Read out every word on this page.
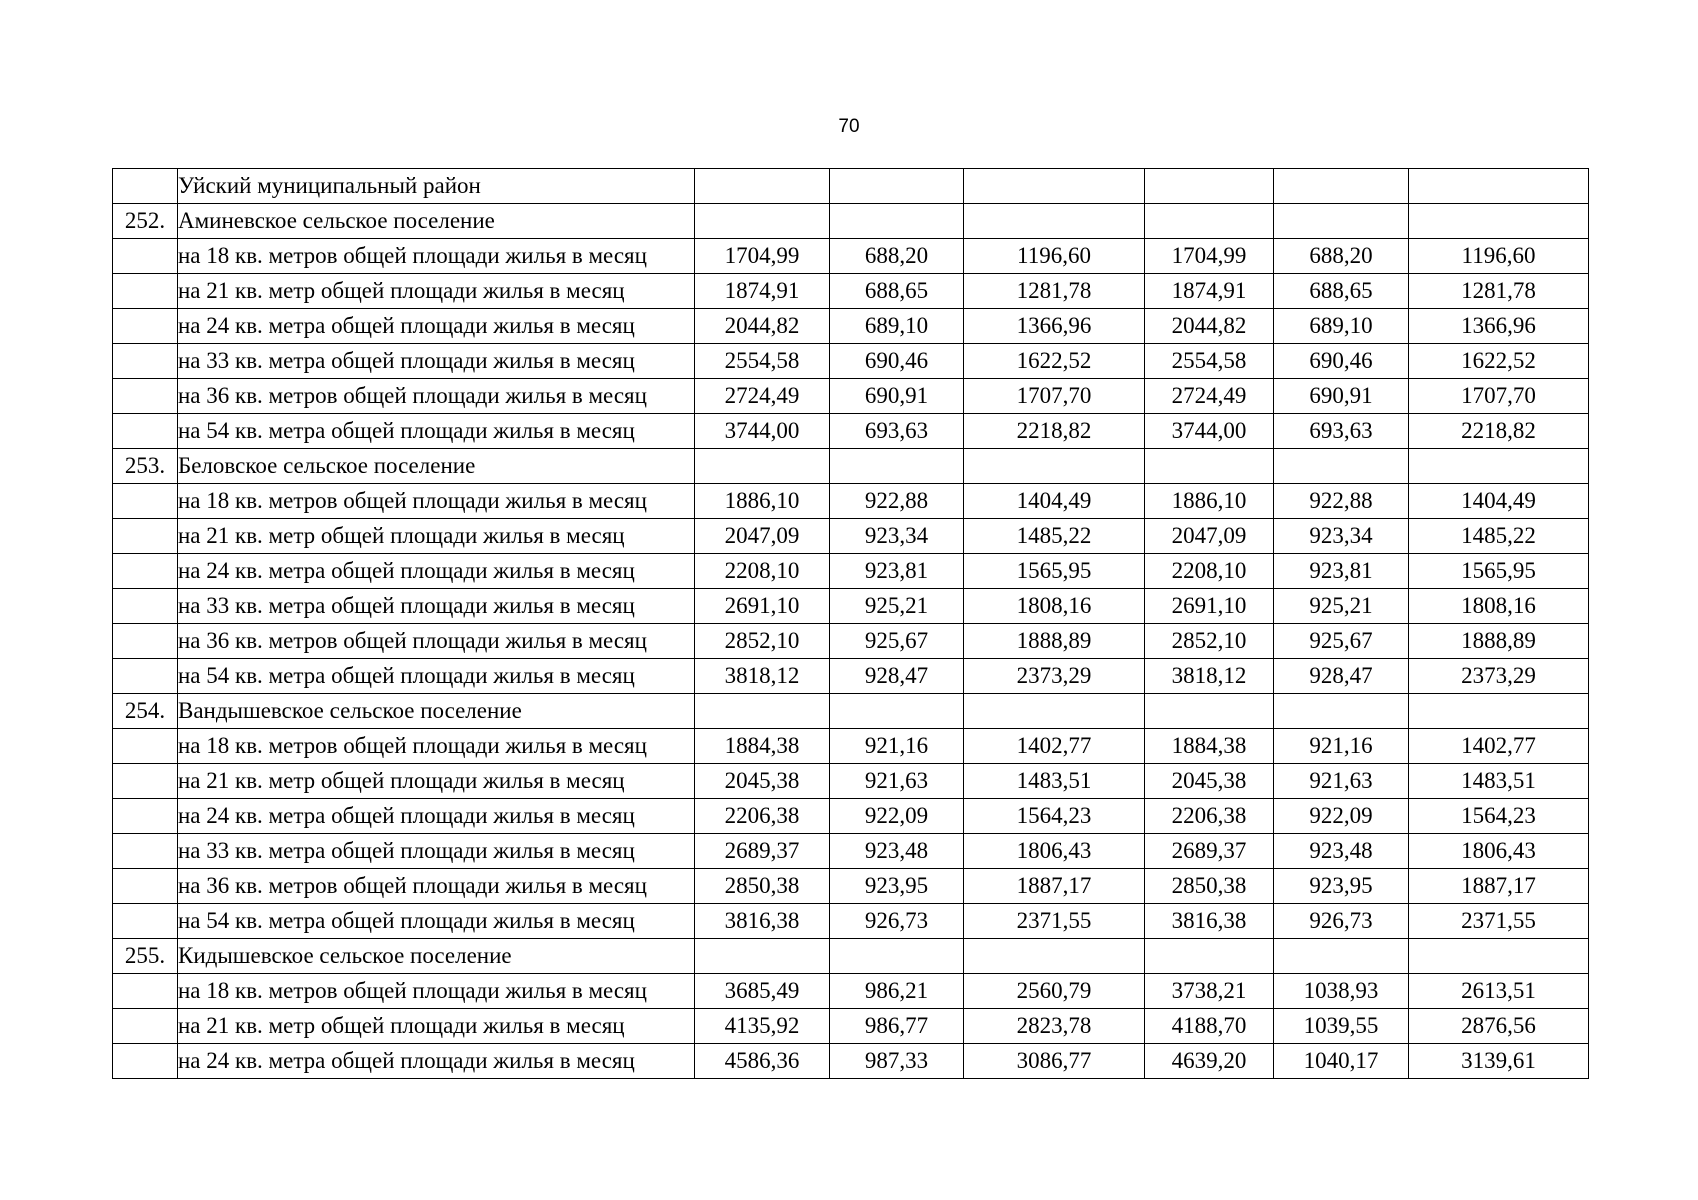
70
	Уйский муниципальный район						
252.	Аминевское сельское поселение						
	на 18 кв. метров общей площади жилья в месяц	1704,99	688,20	1196,60	1704,99	688,20	1196,60
	на 21 кв. метр общей площади жилья в месяц	1874,91	688,65	1281,78	1874,91	688,65	1281,78
	на 24 кв. метра общей площади жилья в месяц	2044,82	689,10	1366,96	2044,82	689,10	1366,96
	на 33 кв. метра общей площади жилья в месяц	2554,58	690,46	1622,52	2554,58	690,46	1622,52
	на 36 кв. метров общей площади жилья в месяц	2724,49	690,91	1707,70	2724,49	690,91	1707,70
	на 54 кв. метра общей площади жилья в месяц	3744,00	693,63	2218,82	3744,00	693,63	2218,82
253.	Беловское сельское поселение						
	на 18 кв. метров общей площади жилья в месяц	1886,10	922,88	1404,49	1886,10	922,88	1404,49
	на 21 кв. метр общей площади жилья в месяц	2047,09	923,34	1485,22	2047,09	923,34	1485,22
	на 24 кв. метра общей площади жилья в месяц	2208,10	923,81	1565,95	2208,10	923,81	1565,95
	на 33 кв. метра общей площади жилья в месяц	2691,10	925,21	1808,16	2691,10	925,21	1808,16
	на 36 кв. метров общей площади жилья в месяц	2852,10	925,67	1888,89	2852,10	925,67	1888,89
	на 54 кв. метра общей площади жилья в месяц	3818,12	928,47	2373,29	3818,12	928,47	2373,29
254.	Вандышевское сельское поселение						
	на 18 кв. метров общей площади жилья в месяц	1884,38	921,16	1402,77	1884,38	921,16	1402,77
	на 21 кв. метр общей площади жилья в месяц	2045,38	921,63	1483,51	2045,38	921,63	1483,51
	на 24 кв. метра общей площади жилья в месяц	2206,38	922,09	1564,23	2206,38	922,09	1564,23
	на 33 кв. метра общей площади жилья в месяц	2689,37	923,48	1806,43	2689,37	923,48	1806,43
	на 36 кв. метров общей площади жилья в месяц	2850,38	923,95	1887,17	2850,38	923,95	1887,17
	на 54 кв. метра общей площади жилья в месяц	3816,38	926,73	2371,55	3816,38	926,73	2371,55
255.	Кидышевское сельское поселение						
	на 18 кв. метров общей площади жилья в месяц	3685,49	986,21	2560,79	3738,21	1038,93	2613,51
	на 21 кв. метр общей площади жилья в месяц	4135,92	986,77	2823,78	4188,70	1039,55	2876,56
	на 24 кв. метра общей площади жилья в месяц	4586,36	987,33	3086,77	4639,20	1040,17	3139,61
